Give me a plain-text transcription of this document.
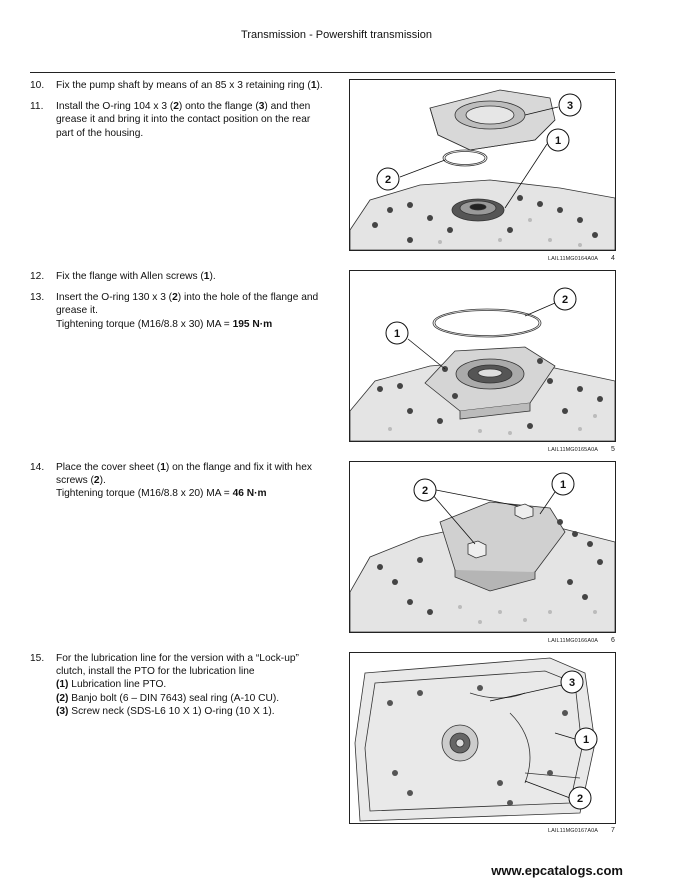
Transmission - Powershift transmission

10.	Fix the pump shaft by means of an 85 x 3 retaining ring (1).

11.	Install the O-ring 104 x 3 (2) onto the flange (3) and then grease it and bring it into the contact position on the rear part of the housing.

12.	Fix the flange with Allen screws (1).

13.	Insert the O-ring 130 x 3 (2) into the hole of the flange and grease it.
Tightening torque (M16/8.8 x 30) MA = 195 N·m

14.	Place the cover sheet (1) on the flange and fix it with hex screws (2).
Tightening torque (M16/8.8 x 20) MA = 46 N·m

15.	For the lubrication line for the version with a “Lock-up” clutch, install the PTO for the lubrication line
(1) Lubrication line PTO.
(2) Banjo bolt (6 – DIN 7643) seal ring (A-10 CU).
(3) Screw neck (SDS-L6 10 X 1) O-ring (10 X 1).

3
1
2
LAIL11MG0164A0A 4
2
1
LAIL11MG0165A0A 5
2	1
LAIL11MG0166A0A 6
3
1
2
LAIL11MG0167A0A 7
www.epcatalogs.com
